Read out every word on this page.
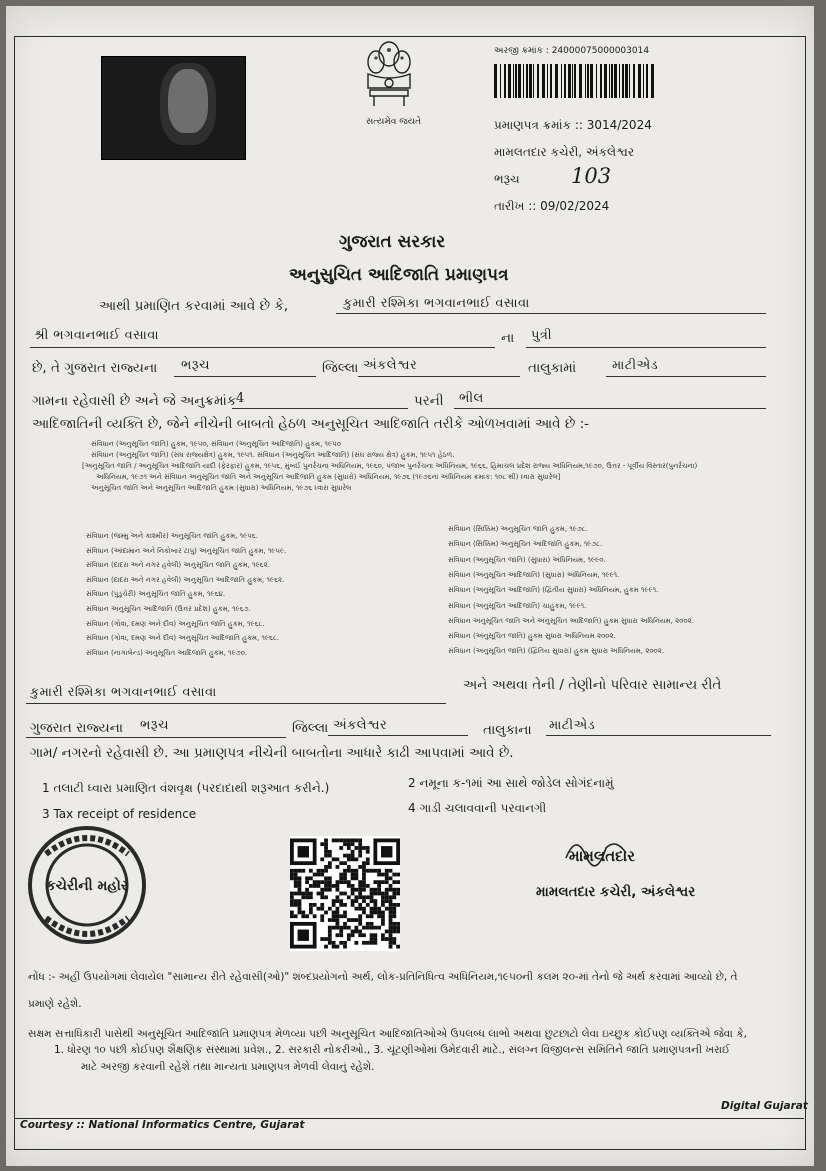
સત્યમેવ જયતે
અરજી ક્રમાંક : 24000075000003014
પ્રમાણપત્ર ક્રમાંક :: 3014/2024
મામલતદાર કચેરી, અંકલેશ્વર
ભરૂચ 103
તારીખ :: 09/02/2024
ગુજરાત સરકાર
અનુસુચિત આદિજાતિ પ્રમાણપત્ર
આથી પ્રમાણિત કરવામાં આવે છે કે,	કુમારી રશ્મિકા ભગવાનભાઈ વસાવા
શ્રી ભગવાનભાઈ વસાવા	ના પુત્રી
છે, તે ગુજરાત રાજ્યના ભરૂચ	જિલ્લા અંકલેશ્વર	તાલુકામાં	માટીએડ
ગામના રહેવાસી છે અને જે અનુક્રમાંક 4	પરની ભીલ
આદિજાતિની વ્યક્તિ છે, જેને નીચેની બાબતો હેઠળ અનુસૂચિત આદિજાતિ તરીકે ઓળખવામાં આવે છે :-
સંવિધાન (અનુસૂચિત જાતિ) હુકમ, ૧૯૫૦, સંવિધાન (અનુસૂચિત આદિજાતિ) હુકમ, ૧૯૫૦
સંવિધાન (અનુસૂચિત જાતિ) (સંઘ રાજ્યક્ષેત્ર) હુકમ, ૧૯૫૧. સંવિધાન (અનુસૂચિત આદિજાતિ) (સંઘ રાજ્ય ક્ષેત્ર) હુકમ, ૧૯૫૧ હેઠળ.
[અનુસૂચિત જાતિ / અનુસૂચિત આદિજાતિ યાદી (ફેરફાર) હુકમ, ૧૯૫૬, મુંબઈ પુનર્રચના અધિનિયમ, ૧૯૬૦, પંજાબ પુનર્રચના અધિનિયમ, ૧૯૬૬, હિમાચલ પ્રદેશ રાજ્ય અધિનિયમ,૧૯૭૦, ઉત્તર - પૂર્વીય વિસ્તાર(પુનર્રચના)
અધિનિયમ, ૧૯૭૧ અને સંવિધાન અનુસૂચિત જાતિ અને અનુસૂચિત આદિજાતિ હુકમ (સુધારો) અધિનિયમ, ૧૯૭૬ (૧૯૭૬ના અધિનિયમ ક્રમાંક: ૧૦૮ થી) ધ્વારા સુધારેલ]
અનુસૂચિત જાતિ અને અનુસૂચિત આદિજાતિ હુકમ (સુધારા) અધિનિયમ, ૧૯૭૬ ધ્વારા સુધારેલ
સંવિધાન (જમ્મુ અને કાશ્મીર) અનુસૂચિત જાતિ હુકમ, ૧૯૫૬.
સંવિધાન (આંદામાન અને નિકોબાર ટાપુ) અનુસૂચિત જાતિ હુકમ, ૧૯૫૯.
સંવિધાન (દાદરા અને નગર હવેલી) અનુસૂચિત જાતિ હુકમ, ૧૯૬૨.
સંવિધાન (દાદરા અને નગર હવેલી) અનુસૂચિત આદિજાતિ હુકમ, ૧૯૬૨.
સંવિધાન (પુડુચેરી) અનુસૂચિત જાતિ હુકમ, ૧૯૬૪.
સંવિધાન અનુસૂચિત આદિજાતિ (ઉત્તર પ્રદેશ) હુકમ, ૧૯૬૭.
સંવિધાન (ગોવા, દમણ અને દીવ) અનુસૂચિત જાતિ હુકમ, ૧૯૬૮.
સંવિધાન (ગોવા, દમણ અને દીવ) અનુસૂચિત આદિજાતિ હુકમ, ૧૯૬૮.
સંવિધાન (નાગાલેન્ડ) અનુસૂચિત આદિજાતિ હુકમ, ૧૯૭૦.
સંવિધાન (સિક્કિમ) અનુસૂચિત જાતિ હુકમ, ૧૯૭૮.
સંવિધાન (સિક્કિમ) અનુસૂચિત આદિજાતિ હુકમ, ૧૯૭૮.
સંવિધાન (અનુસૂચિત જાતિ) (સુધારા) અધિનિયમ, ૧૯૯૦.
સંવિધાન (અનુસૂચિત આદિજાતિ) (સુધારા) અધિનિયમ, ૧૯૯૧.
સંવિધાન (અનુસૂચિત આદિજાતિ) (દ્વિતીય સુધારા) અધિનિયમ, હુકમ ૧૯૯૧.
સંવિધાન (અનુસૂચિત આદિજાતિ) ચાહુકમ, ૧૯૯૧.
સંવિધાન અનુસૂચિત જાતિ અને અનુસૂચિત આદિજાતિ) હુકમ સુધારા અધિનિયમ, ૨૦૦૨.
સંવિધાન (અનુસૂચિત જાતિ) હુકમ સુધારા અધિનિયમ ૨૦૦૨.
સંવિધાન (અનુસૂચિત જાતિ) (દ્વિતિય સુધારા) હુકમ સુધારા અધિનિયમ, ૨૦૦૨.
કુમારી રશ્મિકા ભગવાનભાઈ વસાવા	અને અથવા તેની / તેણીનો પરિવાર સામાન્ય રીતે
ગુજરાત રાજ્યના ભરૂચ	જિલ્લા અંકલેશ્વર	તાલુકાના માટીએડ
ગામ/ નગરનો રહેવાસી છે. આ પ્રમાણપત્ર નીચેની બાબતોના આધારે કાઢી આપવામાં આવે છે.
1 તલાટી ધ્વારા પ્રમાણિત વંશવૃક્ષ (પરદાદાથી શરૂઆત કરીને.)	2 નમૂના ક-૧માં આ સાથે જોડેલ સોગંદનામું
3 Tax receipt of residence	4 ગાડી ચલાવવાની પરવાનગી
કચેરીની મહોર
મામલતદાર
મામલતદાર કચેરી, અંકલેશ્વર
નોંધ :- અહીં ઉપયોગમાં લેવાયેલ "સામાન્ય રીતે રહેવાસી(ઓ)" શબ્દપ્રયોગનો અર્થ, લોક-પ્રતિનિધિત્વ અધિનિયમ,૧૯૫૦ની કલમ ૨૦-માં તેનો જે અર્થ કરવામાં આવ્યો છે, તે
પ્રમાણે રહેશે.
સક્ષમ સત્તાધિકારી પાસેથી અનુસૂચિત આદિજાતિ પ્રમાણપત્ર મેળવ્યા પછી અનુસૂચિત આદિજાતિઓએ ઉપલબ્ધ લાભો અથવા છુટછાટો લેવા ઇચ્છુક કોઈપણ વ્યક્તિએ જેવા કે,
1. ધોરણ ૧૦ પછી કોઈપણ શૈક્ષણિક સંસ્થામાં પ્રવેશ., 2. સરકારી નોકરીઓ., 3. ચૂંટણીઓમાં ઉમેદવારી માટે., સંલગ્ન વિજીલન્સ સમિતિને જાતિ પ્રમાણપત્રની ખરાઈ
માટે અરજી કરવાની રહેશે તથા માન્યતા પ્રમાણપત્ર મેળવી લેવાનું રહેશે.
Courtesy :: National Informatics Centre, Gujarat
Digital Gujarat
